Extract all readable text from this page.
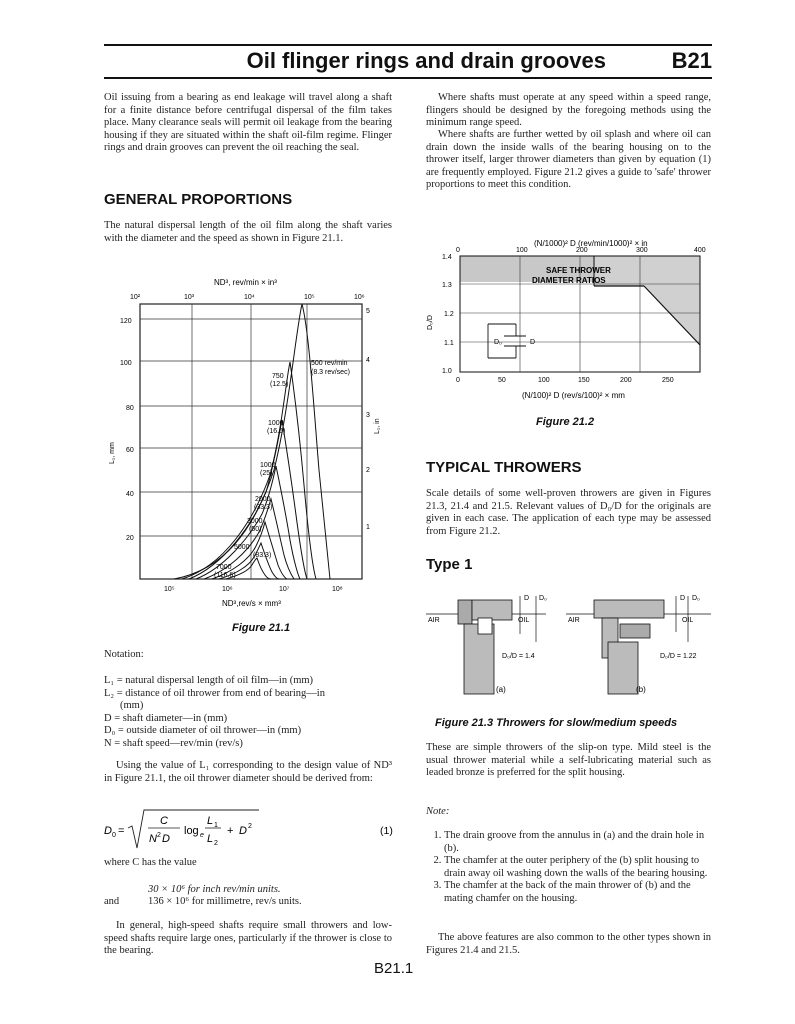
Oil flinger rings and drain grooves	B21
Oil issuing from a bearing as end leakage will travel along a shaft for a finite distance before centrifugal dispersal of the film takes place. Many clearance seals will permit oil leakage from the bearing housing if they are situated within the shaft oil-film regime. Flinger rings and drain grooves can prevent the oil reaching the seal.
GENERAL PROPORTIONS
The natural dispersal length of the oil film along the shaft varies with the diameter and the speed as shown in Figure 21.1.
ND³, rev/min × in³
10²	10³	10⁴	10⁵	10⁶
120
100
80
60
40
20
5
4
3
2
1
L₁, mm
L₁, in
500 rev/min
(8.3 rev/sec)
750
(12.5)
1000
(16.6)
1000
(25)
2000
(33.3)
3000
(50)
5000
(83.3)
7000
(116.6)
10⁵	10⁶	10⁷	10⁸
ND³,rev/s × mm³
Figure 21.1
Notation:

L₁ = natural dispersal length of oil film—in (mm)

L₂ = distance of oil thrower from end of bearing—in

(mm)

D = shaft diameter—in (mm)

D₀ = outside diameter of oil thrower—in (mm)

N = shaft speed—rev/min (rev/s)

Using the value of L₁ corresponding to the design value of ND³ in Figure 21.1, the oil thrower diameter should be derived from:
D 0 =
C
N 2 D
log e
L 1
L 2
+ D 2	(1)
where C has the value
30 × 10⁶ for inch rev/min units.
and	136 × 10⁶ for millimetre, rev/s units.
In general, high-speed shafts require small throwers and low-speed shafts require large ones, particularly if the thrower is close to the bearing.
Where shafts must operate at any speed within a speed range, flingers should be designed by the foregoing methods using the minimum range speed.
Where shafts are further wetted by oil splash and where oil can drain down the inside walls of the bearing housing on to the thrower itself, larger thrower diameters than given by equation (1) are frequently employed. Figure 21.2 gives a guide to 'safe' thrower proportions to meet this condition.
(N/1000)² D (rev/min/1000)² × in
0	100	200	300	400
SAFE THROWER
DIAMETER RATIOS
1.4
1.3
1.2
1.1
1.0
D₀/D
D₀	D
0	50	100	150	200	250
(N/100)² D (rev/s/100)² × mm
Figure 21.2
TYPICAL THROWERS
Scale details of some well-proven throwers are given in Figures 21.3, 21.4 and 21.5. Relevant values of D₀/D for the originals are given in each case. The application of each type may be assessed from Figure 21.2.
Type 1
AIR	OIL
D D₀
D₀/D = 1.4
(a)
AIR	OIL
D D₀
D₀/D = 1.22
(b)
Figure 21.3 Throwers for slow/medium speeds
These are simple throwers of the slip-on type. Mild steel is the usual thrower material while a self-lubricating material such as leaded bronze is preferred for the split housing.
Note:
1. The drain groove from the annulus in (a) and the drain hole in (b).
2. The chamfer at the outer periphery of the (b) split housing to drain away oil washing down the walls of the bearing housing.
3. The chamfer at the back of the main thrower of (b) and the mating chamfer on the housing.
The above features are also common to the other types shown in Figures 21.4 and 21.5.
B21.1
